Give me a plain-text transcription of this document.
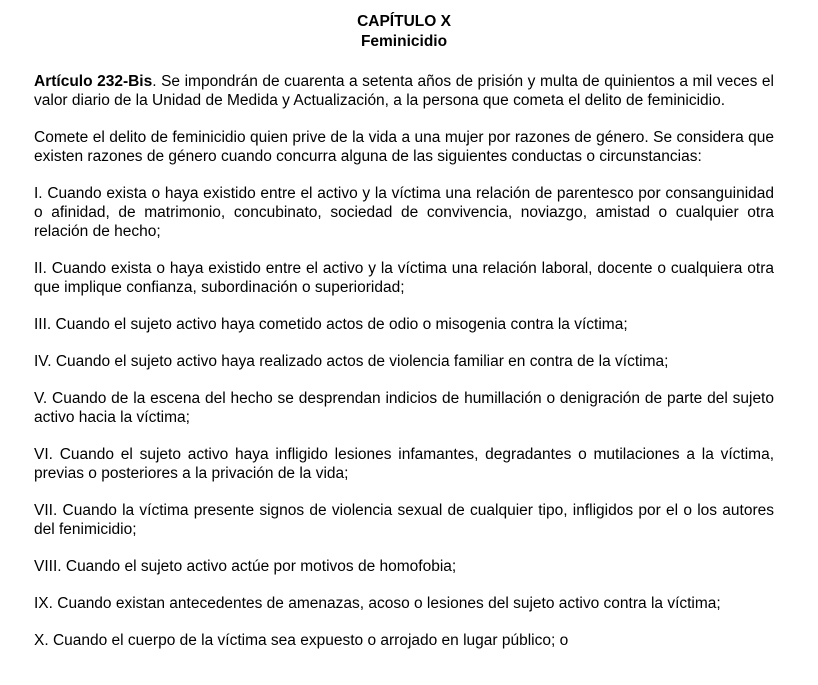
CAPÍTULO X

Feminicidio

Artículo 232-Bis. Se impondrán de cuarenta a setenta años de prisión y multa de quinientos a mil veces el valor diario de la Unidad de Medida y Actualización, a la persona que cometa el delito de feminicidio.

Comete el delito de feminicidio quien prive de la vida a una mujer por razones de género. Se considera que existen razones de género cuando concurra alguna de las siguientes conductas o circunstancias:

I. Cuando exista o haya existido entre el activo y la víctima una relación de parentesco por consanguinidad o afinidad, de matrimonio, concubinato, sociedad de convivencia, noviazgo, amistad o cualquier otra relación de hecho;

II. Cuando exista o haya existido entre el activo y la víctima una relación laboral, docente o cualquiera otra que implique confianza, subordinación o superioridad;

III. Cuando el sujeto activo haya cometido actos de odio o misogenia contra la víctima;

IV. Cuando el sujeto activo haya realizado actos de violencia familiar en contra de la víctima;

V. Cuando de la escena del hecho se desprendan indicios de humillación o denigración de parte del sujeto activo hacia la víctima;

VI. Cuando el sujeto activo haya infligido lesiones infamantes, degradantes o mutilaciones a la víctima, previas o posteriores a la privación de la vida;

VII. Cuando la víctima presente signos de violencia sexual de cualquier tipo, infligidos por el o los autores del fenimicidio;

VIII. Cuando el sujeto activo actúe por motivos de homofobia;

IX. Cuando existan antecedentes de amenazas, acoso o lesiones del sujeto activo contra la víctima;

X. Cuando el cuerpo de la víctima sea expuesto o arrojado en lugar público; o
